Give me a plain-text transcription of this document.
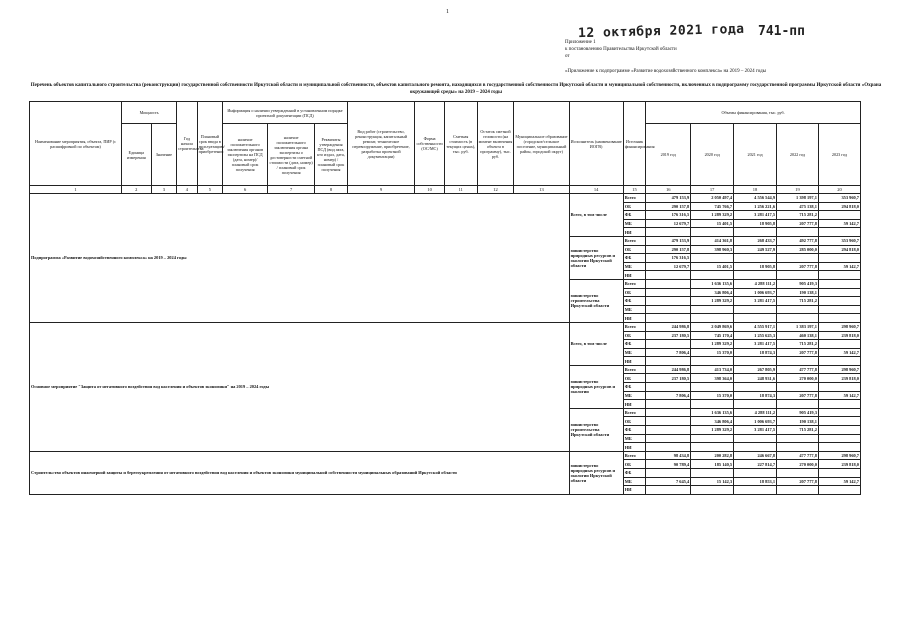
1
Приложение 1
к постановлению Правительства Иркутской области
от
«Приложение к подпрограмме «Развитие водохозяйственного комплекса» на 2019 – 2024 годы
12 октября 2021 года 741-пп
Перечень объектов капитального строительства (реконструкции) государственной собственности Иркутской области и муниципальной собственности, объектов капитального ремонта, находящихся в государственной собственности Иркутской области и муниципальной собственности, включенных в подпрограмму государственной программы Иркутской области «Охрана окружающей среды» на 2019 – 2024 годы
Наименование мероприятия, объекта, ПИР (с расшифровкой по объектам)	Мощность		Год начала строительства	Плановый срок ввода в эксплуатацию/приобретения	Информация о наличии утвержденной в установленном порядке проектной документации (ПСД)			Вид работ (строительство, реконструкция, капитальный ремонт, техническое перевооружение, приобретение, разработка проектной документации)	Форма собственности (ОС/МС)	Сметная стоимость (в текущих ценах), тыс. руб.	Остаток сметной стоимости (на момент включения объекта в программу), тыс. руб.	Муниципальное образование (городское/сельское поселение, муниципальный район, городской округ)	Исполнитель (наименование ИОГВ)	Источник финансирования	Объемы финансирования, тыс. руб.				
	Единица измерения	Значение			наличие положительного заключения органов экспертизы на ПСД (дата, номер)/плановый срок получения	наличие положительного заключения органа экспертизы о достоверности сметной стоимости (дата, номер) / плановый срок получения	Реквизиты утверждения ПСД (вид акта, кто издал, дата, номер) / плановый срок получения								2019 год	2020 год	2021 год	2022 год	2023 год

1	2	3	4	5	6	7	8	9	10	11	12	13	14	15	16	17	18	19	20
Подпрограмма «Развитие водохозяйственного комплекса» на 2019 – 2024 годы													Всего, в том числе	Всего	479 153,9	2 050 497,4	4 556 544,9	1 398 197,1	353 960,7
														ОБ	290 157,8	745 766,7	1 256 221,6	475 138,1	294 818,0
														ФБ	176 316,5	1 289 329,2	3 281 417,5	715 281,2	
														МБ	12 679,7	15 401,5	18 905,8	207 777,8	59 142,7
														НИ					
													министерство природных ресурсов и экологии Иркутской области	Всего	479 153,9	414 361,8	268 433,7	492 777,8	353 960,7
														ОБ	290 157,8	398 960,3	249 527,9	285 000,0	294 818,0
														ФБ	176 316,5				
														МБ	12 679,7	15 401,5	18 905,8	207 777,8	59 142,7
														НИ					
													министерство строительства Иркутской области	Всего		1 636 135,6	4 288 111,2	905 419,3	
														ОБ		346 806,4	1 006 693,7	190 138,1	
														ФБ		1 289 329,2	3 281 417,5	715 281,2	
														МБ					
														НИ					
Основное мероприятие "Защита от негативного воздействия вод населения и объектов экономики" на 2019 – 2024 годы													Всего, в том числе	Всего	244 986,8	2 049 869,6	4 555 917,1	1 383 197,1	298 960,7
														ОБ	237 180,5	745 170,4	1 255 625,3	460 138,1	239 818,0
														ФБ		1 289 329,2	3 281 417,5	715 281,2	
														МБ	7 806,4	15 370,0	18 874,3	207 777,8	59 142,7
														НИ					
													министерство природных ресурсов и экологии	Всего	244 986,8	413 734,0	267 805,9	477 777,8	298 960,7
														ОБ	237 180,5	398 364,0	248 931,6	270 000,0	239 818,0
														ФБ					
														МБ	7 806,4	15 370,0	18 874,3	207 777,8	59 142,7
														НИ					
													министерство строительства Иркутской области	Всего		1 636 135,6	4 288 111,2	905 419,3	
														ОБ		346 806,4	1 006 693,7	190 138,1	
														ФБ		1 289 329,2	3 281 417,5	715 281,2	
														МБ					
														НИ					
Строительство объектов инженерной защиты и берегоукрепления от негативного воздействия вод населения и объектов экономики муниципальной собственности муниципальных образований Иркутской области													министерство природных ресурсов и экологии Иркутской области	Всего	98 434,8	200 282,8	246 667,8	477 777,8	298 960,7
														ОБ	90 789,4	185 140,5	227 814,7	270 000,0	239 818,0
														ФБ					
														МБ	7 645,4	15 142,3	18 853,1	207 777,8	59 142,7
														НИ					
